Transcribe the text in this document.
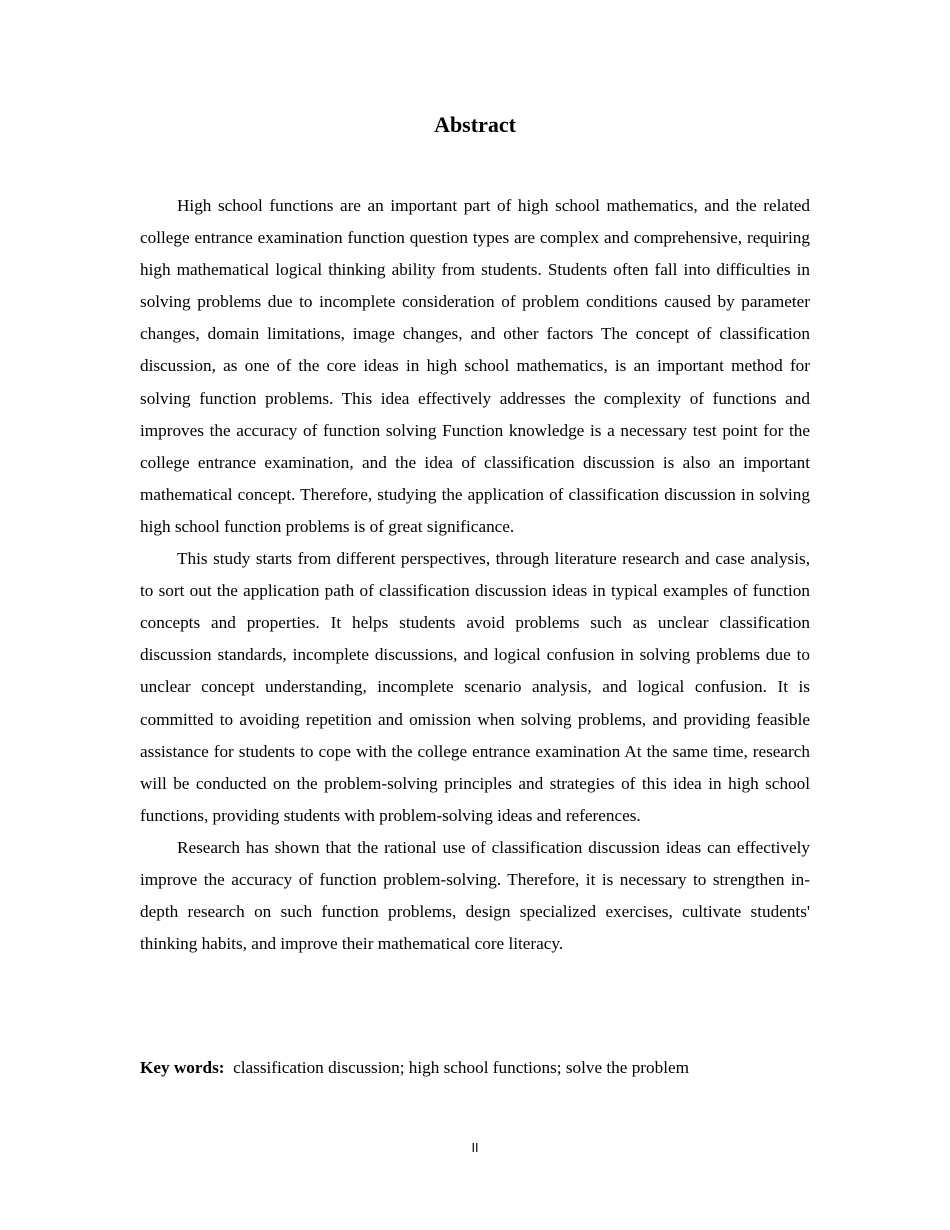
Abstract

High school functions are an important part of high school mathematics, and the related college entrance examination function question types are complex and comprehensive, requiring high mathematical logical thinking ability from students. Students often fall into difficulties in solving problems due to incomplete consideration of problem conditions caused by parameter changes, domain limitations, image changes, and other factors The concept of classification discussion, as one of the core ideas in high school mathematics, is an important method for solving function problems. This idea effectively addresses the complexity of functions and improves the accuracy of function solving Function knowledge is a necessary test point for the college entrance examination, and the idea of classification discussion is also an important mathematical concept. Therefore, studying the application of classification discussion in solving high school function problems is of great significance.

This study starts from different perspectives, through literature research and case analysis, to sort out the application path of classification discussion ideas in typical examples of function concepts and properties. It helps students avoid problems such as unclear classification discussion standards, incomplete discussions, and logical confusion in solving problems due to unclear concept understanding, incomplete scenario analysis, and logical confusion. It is committed to avoiding repetition and omission when solving problems, and providing feasible assistance for students to cope with the college entrance examination At the same time, research will be conducted on the problem-solving principles and strategies of this idea in high school functions, providing students with problem-solving ideas and references.

Research has shown that the rational use of classification discussion ideas can effectively improve the accuracy of function problem-solving. Therefore, it is necessary to strengthen in-depth research on such function problems, design specialized exercises, cultivate students' thinking habits, and improve their mathematical core literacy.

Key words: classification discussion; high school functions; solve the problem

II
